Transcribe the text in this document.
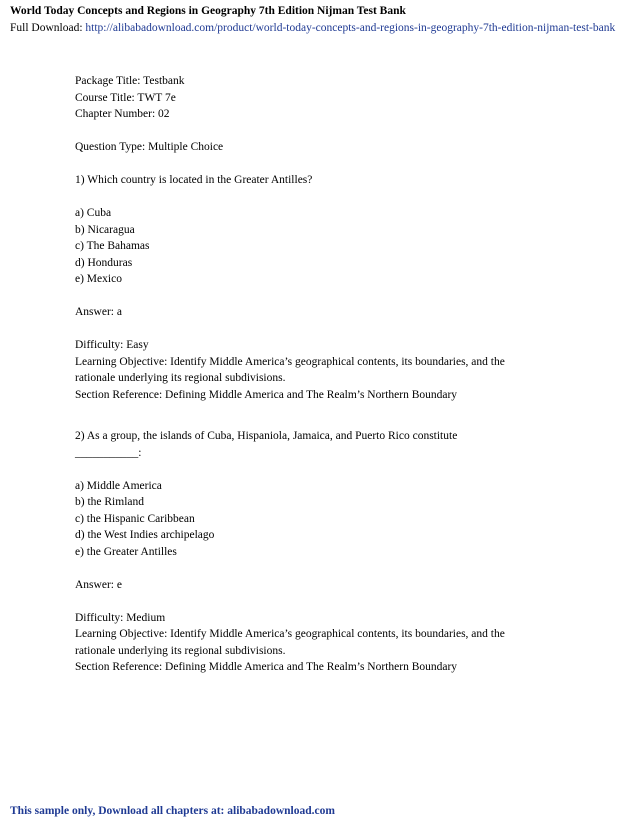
World Today Concepts and Regions in Geography 7th Edition Nijman Test Bank
Full Download: http://alibabadownload.com/product/world-today-concepts-and-regions-in-geography-7th-edition-nijman-test-bank

Package Title: Testbank

Course Title: TWT 7e

Chapter Number: 02

Question Type: Multiple Choice

1) Which country is located in the Greater Antilles?

a) Cuba

b) Nicaragua

c) The Bahamas

d) Honduras

e) Mexico

Answer: a

Difficulty: Easy

Learning Objective: Identify Middle America’s geographical contents, its boundaries, and the

rationale underlying its regional subdivisions.

Section Reference: Defining Middle America and The Realm’s Northern Boundary

2) As a group, the islands of Cuba, Hispaniola, Jamaica, and Puerto Rico constitute

___________:

a) Middle America

b) the Rimland

c) the Hispanic Caribbean

d) the West Indies archipelago

e) the Greater Antilles

Answer: e

Difficulty: Medium

Learning Objective: Identify Middle America’s geographical contents, its boundaries, and the

rationale underlying its regional subdivisions.

Section Reference: Defining Middle America and The Realm’s Northern Boundary

This sample only, Download all chapters at: alibabadownload.com
